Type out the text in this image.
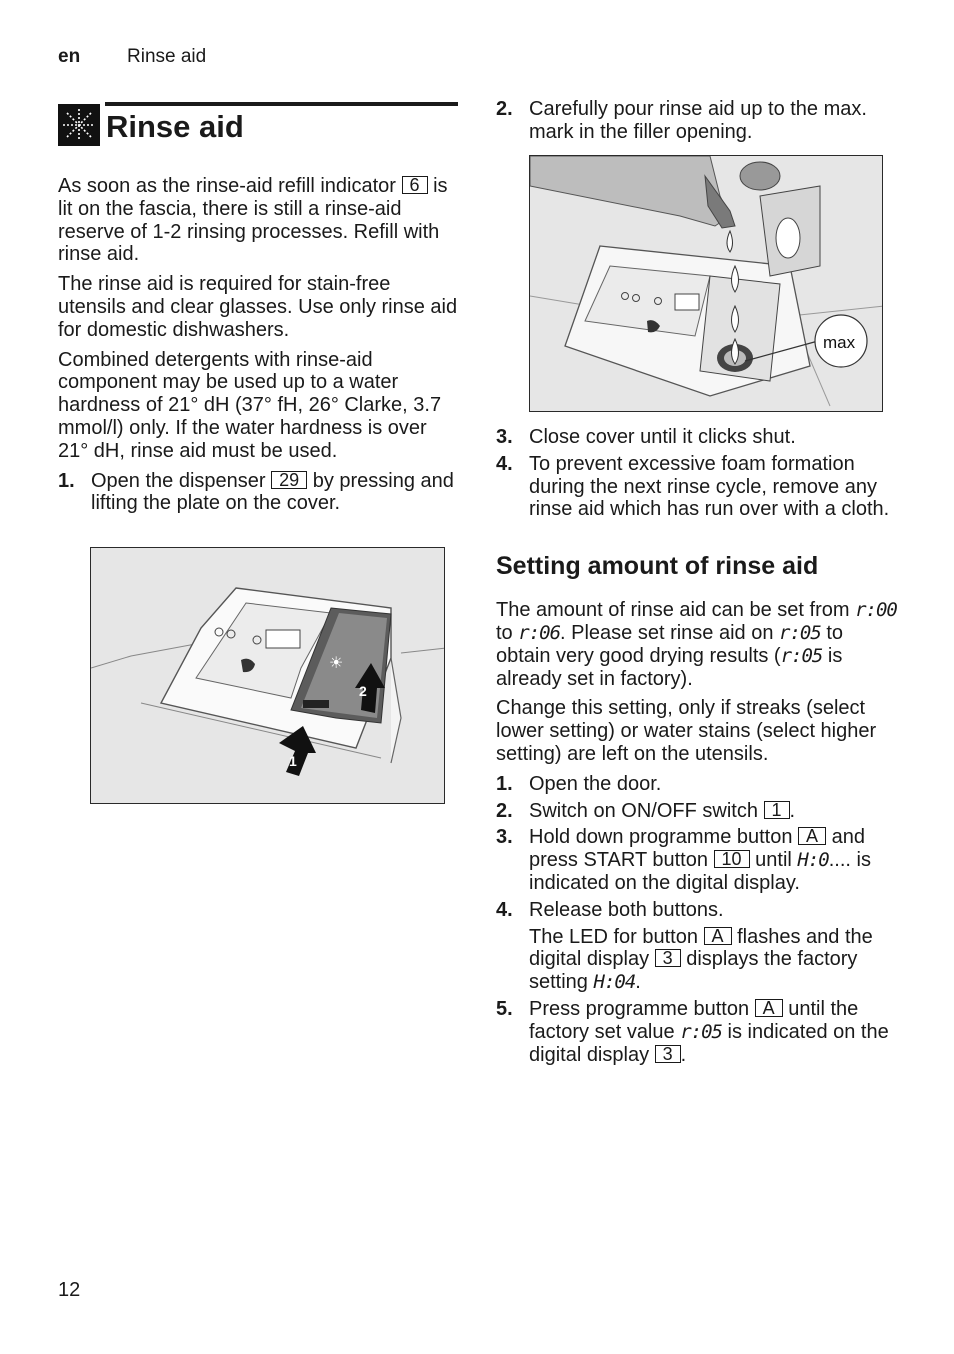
en Rinse aid
Rinse aid

As soon as the rinse-aid refill indicator 6 is lit on the fascia, there is still a rinse-aid reserve of 1-2 rinsing processes. Refill with rinse aid.

The rinse aid is required for stain-free utensils and clear glasses. Use only rinse aid for domestic dishwashers.

Combined detergents with rinse-aid component may be used up to a water hardness of 21° dH (37° fH, 26° Clarke, 3.7 mmol/l) only. If the water hardness is over 21° dH, rinse aid must be used.

1. Open the dispenser 29 by pressing and lifting the plate on the cover.
☀
1
2
2. Carefully pour rinse aid up to the max. mark in the filler opening.
max
3. Close cover until it clicks shut.
4. To prevent excessive foam formation during the next rinse cycle, remove any rinse aid which has run over with a cloth.
Setting amount of rinse aid

The amount of rinse aid can be set from r:00 to r:06. Please set rinse aid on r:05 to obtain very good drying results (r:05 is already set in factory).

Change this setting, only if streaks (select lower setting) or water stains (select higher setting) are left on the utensils.

1. Open the door.
2. Switch on ON/OFF switch 1 .
3. Hold down programme button A and press START button 10 until H:0.... is indicated on the digital display.
4. Release both buttons.
The LED for button A flashes and the digital display 3 displays the factory setting H:04.
5. Press programme button A until the factory set value r:05 is indicated on the digital display 3 .
12
